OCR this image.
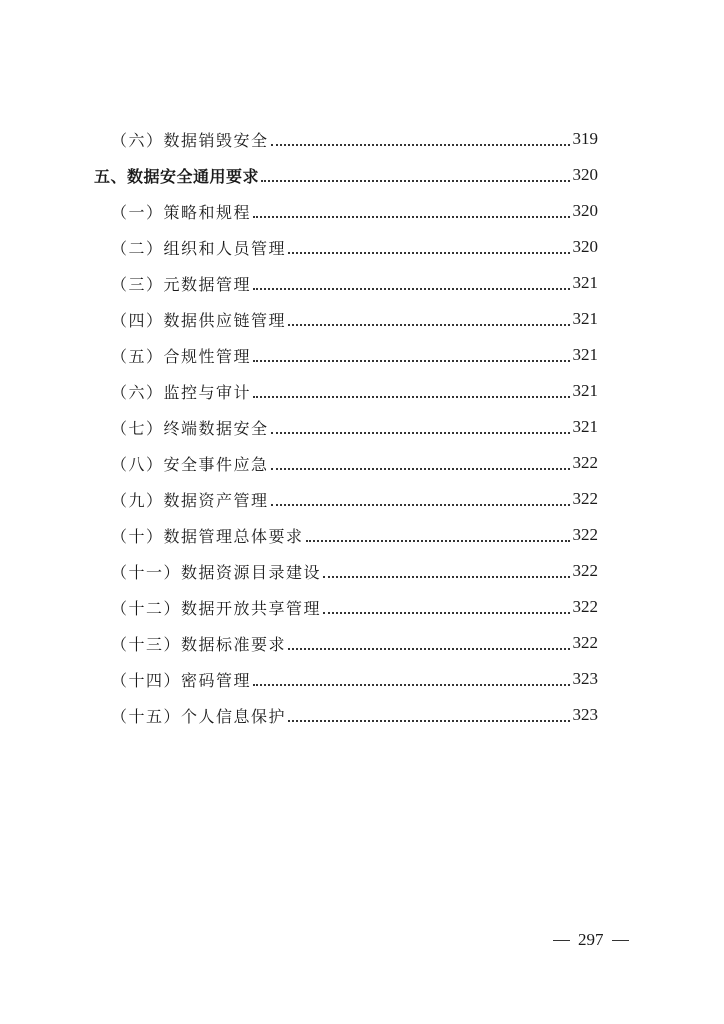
（六）数据销毁安全	319
五、数据安全通用要求	320
（一）策略和规程	320
（二）组织和人员管理	320
（三）元数据管理	321
（四）数据供应链管理	321
（五）合规性管理	321
（六）监控与审计	321
（七）终端数据安全	321
（八）安全事件应急	322
（九）数据资产管理	322
（十）数据管理总体要求	322
（十一）数据资源目录建设	322
（十二）数据开放共享管理	322
（十三）数据标准要求	322
（十四）密码管理	323
（十五）个人信息保护	323
297
